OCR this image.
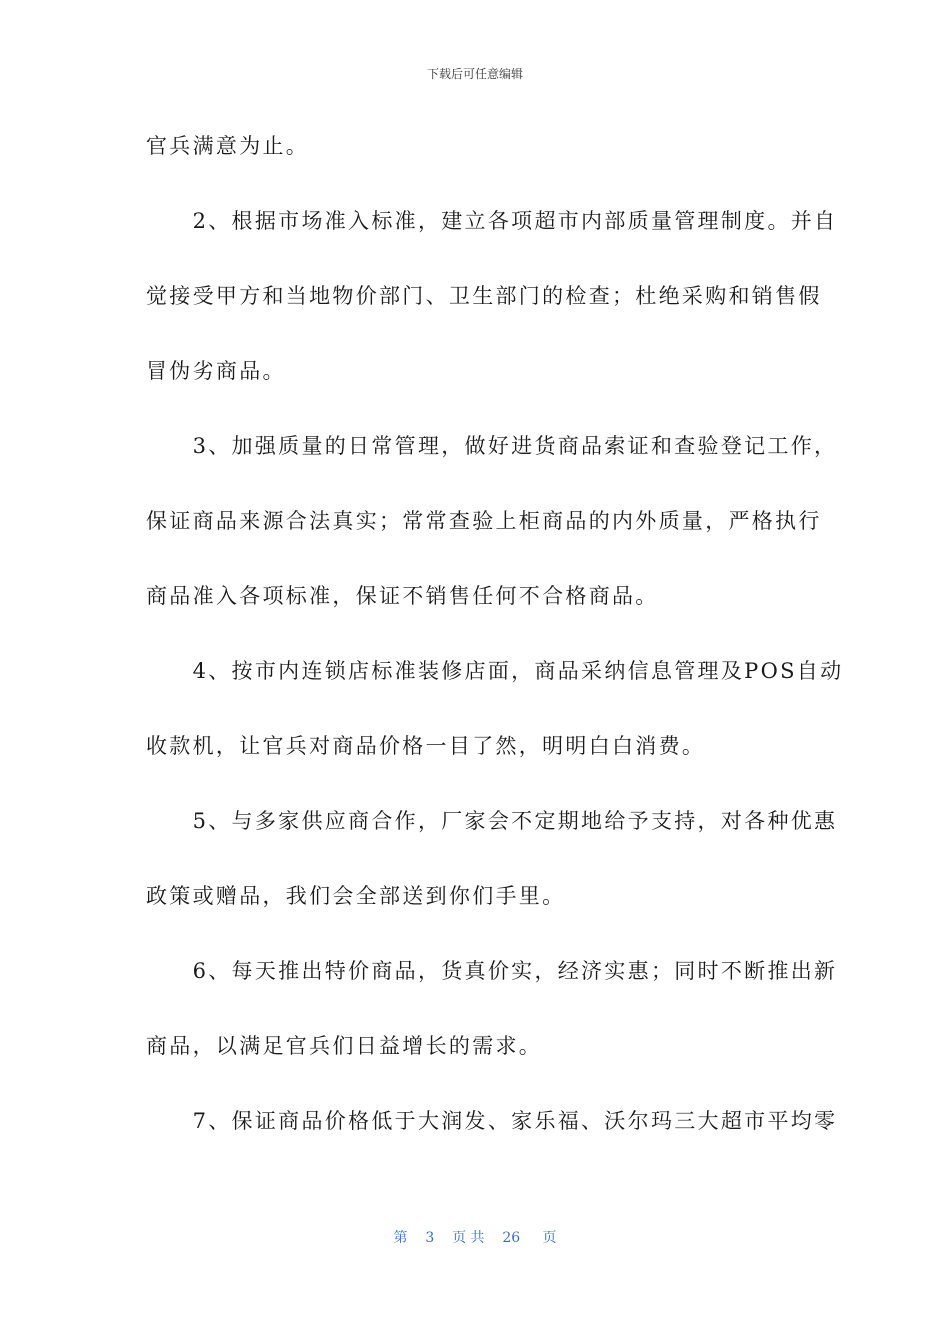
下载后可任意编辑
官兵满意为止。
　　2、根据市场准入标准，建立各项超市内部质量管理制度。并自
觉接受甲方和当地物价部门、卫生部门的检查；杜绝采购和销售假
冒伪劣商品。
　　3、加强质量的日常管理，做好进货商品索证和查验登记工作，
保证商品来源合法真实；常常查验上柜商品的内外质量，严格执行
商品准入各项标准，保证不销售任何不合格商品。
　　4、按市内连锁店标准装修店面，商品采纳信息管理及POS自动
收款机，让官兵对商品价格一目了然，明明白白消费。
　　5、与多家供应商合作，厂家会不定期地给予支持，对各种优惠
政策或赠品，我们会全部送到你们手里。
　　6、每天推出特价商品，货真价实，经济实惠；同时不断推出新
商品，以满足官兵们日益增长的需求。
　　7、保证商品价格低于大润发、家乐福、沃尔玛三大超市平均零
第 3 页 共 26 页
